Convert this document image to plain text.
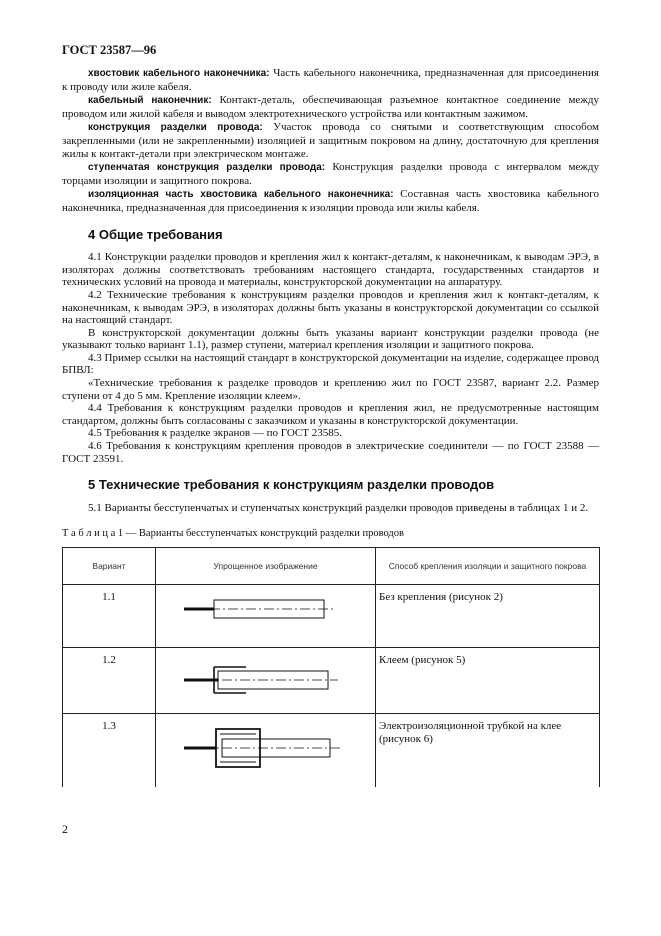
ГОСТ 23587—96

хвостовик кабельного наконечника: Часть кабельного наконечника, предназначенная для присоединения к проводу или жиле кабеля.

кабельный наконечник: Контакт-деталь, обеспечивающая разъемное контактное соединение между проводом или жилой кабеля и выводом электротехнического устройства или контактным зажимом.

конструкция разделки провода: Участок провода со снятыми и соответствующим способом закрепленными (или не закрепленными) изоляцией и защитным покровом на длину, достаточную для крепления жилы к контакт-детали при электрическом монтаже.

ступенчатая конструкция разделки провода: Конструкция разделки провода с интервалом между торцами изоляции и защитного покрова.

изоляционная часть хвостовика кабельного наконечника: Составная часть хвостовика кабельного наконечника, предназначенная для присоединения к изоляции провода или жилы кабеля.

4 Общие требования

4.1 Конструкции разделки проводов и крепления жил к контакт-деталям, к наконечникам, к выводам ЭРЭ, в изоляторах должны соответствовать требованиям настоящего стандарта, государственных стандартов и технических условий на провода и материалы, конструкторской документации на аппаратуру.

4.2 Технические требования к конструкциям разделки проводов и крепления жил к контакт-деталям, к наконечникам, к выводам ЭРЭ, в изоляторах должны быть указаны в конструкторской документации со ссылкой на настоящий стандарт.

В конструкторской документации должны быть указаны вариант конструкции разделки провода (не указывают только вариант 1.1), размер ступени, материал крепления изоляции и защитного покрова.

4.3 Пример ссылки на настоящий стандарт в конструкторской документации на изделие, содержащее провод БПВЛ:

«Технические требования к разделке проводов и креплению жил по ГОСТ 23587, вариант 2.2. Размер ступени от 4 до 5 мм. Крепление изоляции клеем».

4.4 Требования к конструкциям разделки проводов и крепления жил, не предусмотренные настоящим стандартом, должны быть согласованы с заказчиком и указаны в конструкторской документации.

4.5 Требования к разделке экранов — по ГОСТ 23585.

4.6 Требования к конструкциям крепления проводов в электрические соединители — по ГОСТ 23588 — ГОСТ 23591.

5 Технические требования к конструкциям разделки проводов

5.1 Варианты бесступенчатых и ступенчатых конструкций разделки проводов приведены в таблицах 1 и 2.

Т а б л и ц а 1 — Варианты бесступенчатых конструкций разделки проводов

Вариант	Упрощенное изображение	Способ крепления изоляции и защитного покрова
1.1		Без крепления (рисунок 2)
1.2		Клеем (рисунок 5)
1.3		Электроизоляционной трубкой на клее (рисунок 6)
2
